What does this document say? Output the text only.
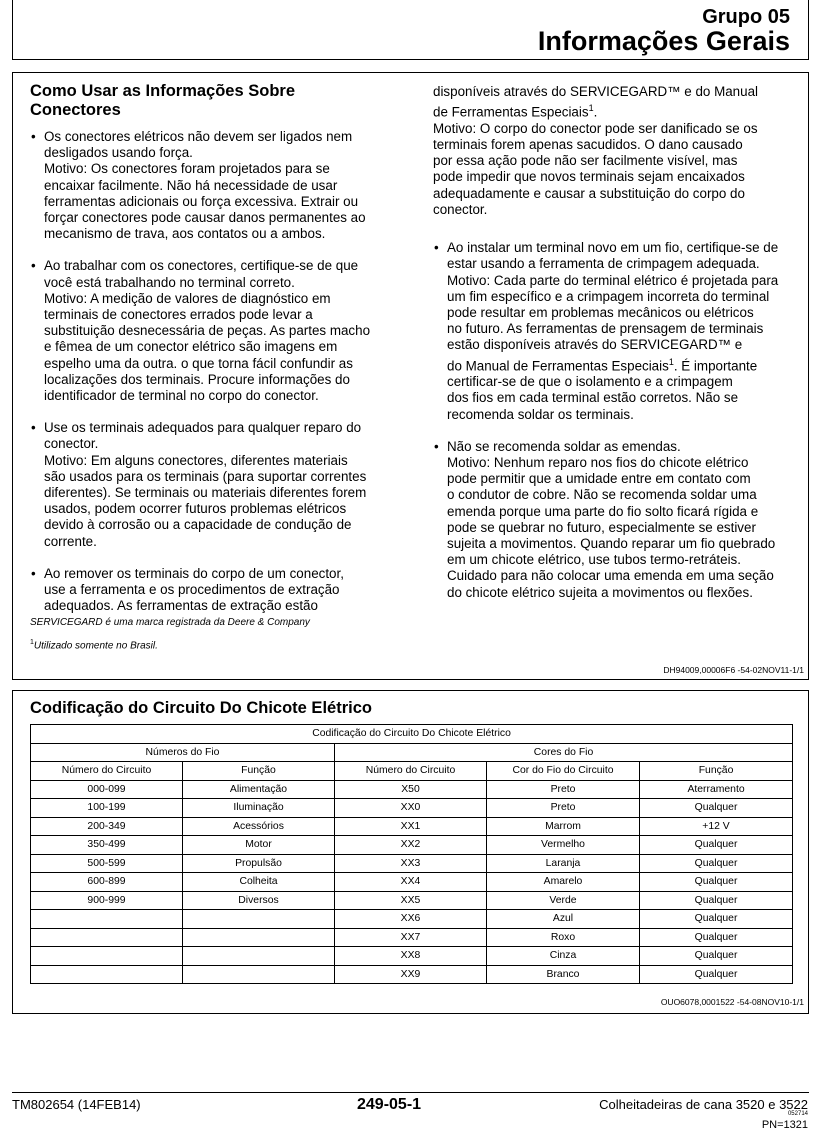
Grupo 05
Informações Gerais
Como Usar as Informações Sobre
Conectores
• Os conectores elétricos não devem ser ligados nem

desligados usando força.

Motivo: Os conectores foram projetados para se

encaixar facilmente. Não há necessidade de usar

ferramentas adicionais ou força excessiva. Extrair ou

forçar conectores pode causar danos permanentes ao

mecanismo de trava, aos contatos ou a ambos.

• Ao trabalhar com os conectores, certifique-se de que

você está trabalhando no terminal correto.

Motivo: A medição de valores de diagnóstico em

terminais de conectores errados pode levar a

substituição desnecessária de peças. As partes macho

e fêmea de um conector elétrico são imagens em

espelho uma da outra. o que torna fácil confundir as

localizações dos terminais. Procure informações do

identificador de terminal no corpo do conector.

• Use os terminais adequados para qualquer reparo do

conector.

Motivo: Em alguns conectores, diferentes materiais

são usados para os terminais (para suportar correntes

diferentes). Se terminais ou materiais diferentes forem

usados, podem ocorrer futuros problemas elétricos

devido à corrosão ou a capacidade de condução de

corrente.

• Ao remover os terminais do corpo de um conector,

use a ferramenta e os procedimentos de extração

adequados. As ferramentas de extração estão

disponíveis através do SERVICEGARD™ e do Manual

de Ferramentas Especiais$^1$.

Motivo: O corpo do conector pode ser danificado se os

terminais forem apenas sacudidos. O dano causado

por essa ação pode não ser facilmente visível, mas

pode impedir que novos terminais sejam encaixados

adequadamente e causar a substituição do corpo do

conector.

• Ao instalar um terminal novo em um fio, certifique-se de

estar usando a ferramenta de crimpagem adequada.

Motivo: Cada parte do terminal elétrico é projetada para

um fim específico e a crimpagem incorreta do terminal

pode resultar em problemas mecânicos ou elétricos

no futuro. As ferramentas de prensagem de terminais

estão disponíveis através do SERVICEGARD™ e

do Manual de Ferramentas Especiais$^1$. É importante

certificar-se de que o isolamento e a crimpagem

dos fios em cada terminal estão corretos. Não se

recomenda soldar os terminais.

• Não se recomenda soldar as emendas.

Motivo: Nenhum reparo nos fios do chicote elétrico

pode permitir que a umidade entre em contato com

o condutor de cobre. Não se recomenda soldar uma

emenda porque uma parte do fio solto ficará rígida e

pode se quebrar no futuro, especialmente se estiver

sujeita a movimentos. Quando reparar um fio quebrado

em um chicote elétrico, use tubos termo-retráteis.

Cuidado para não colocar uma emenda em uma seção

do chicote elétrico sujeita a movimentos ou flexões.

SERVICEGARD é uma marca registrada da Deere & Company
$^1$Utilizado somente no Brasil.
DH94009,00006F6 -54-02NOV11-1/1
Codificação do Circuito Do Chicote Elétrico
Codificação do Circuito Do Chicote Elétrico				
Números do Fio		Cores do Fio		
Número do Circuito	Função	Número do Circuito	Cor do Fio do Circuito	Função
000-099	Alimentação	X50	Preto	Aterramento
100-199	Iluminação	XX0	Preto	Qualquer
200-349	Acessórios	XX1	Marrom	+12 V
350-499	Motor	XX2	Vermelho	Qualquer
500-599	Propulsão	XX3	Laranja	Qualquer
600-899	Colheita	XX4	Amarelo	Qualquer
900-999	Diversos	XX5	Verde	Qualquer
		XX6	Azul	Qualquer
		XX7	Roxo	Qualquer
		XX8	Cinza	Qualquer
		XX9	Branco	Qualquer
OUO6078,0001522 -54-08NOV10-1/1
TM802654 (14FEB14)	249-05-1	Colheitadeiras de cana 3520 e 3522
052714
PN=1321
